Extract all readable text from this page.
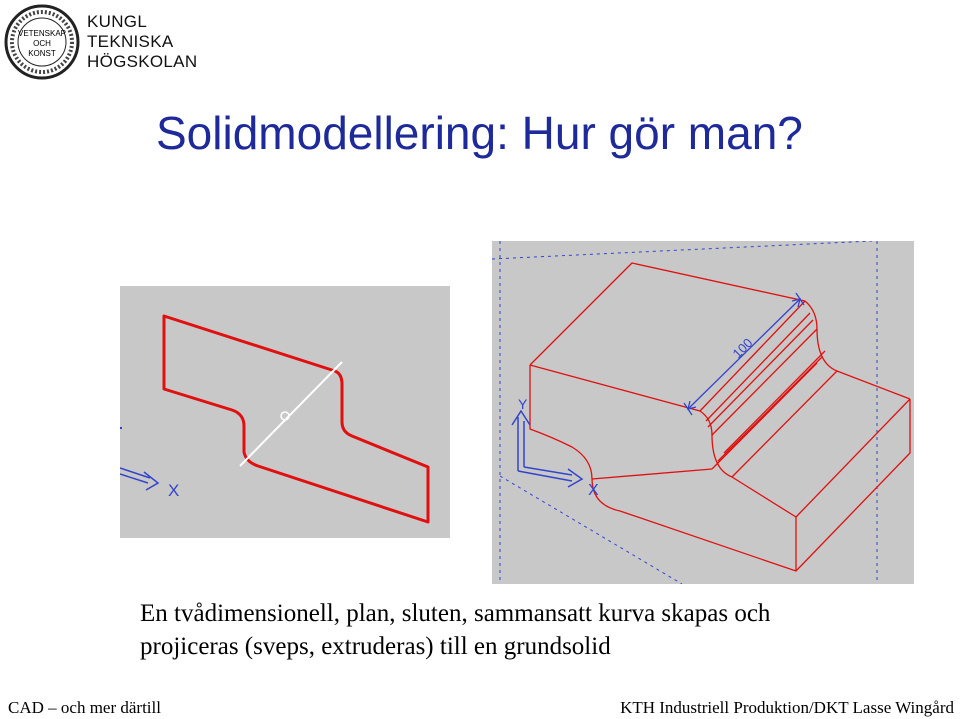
VETENSKAP
OCH
KONST
KUNGL
TEKNISKA
HÖGSKOLAN
Solidmodellering: Hur gör man?
X
100
Y
X
En tvådimensionell, plan, sluten, sammansatt kurva skapas och
projiceras (sveps, extruderas) till en grundsolid
CAD – och mer därtill	KTH Industriell Produktion/DKT Lasse Wingård
